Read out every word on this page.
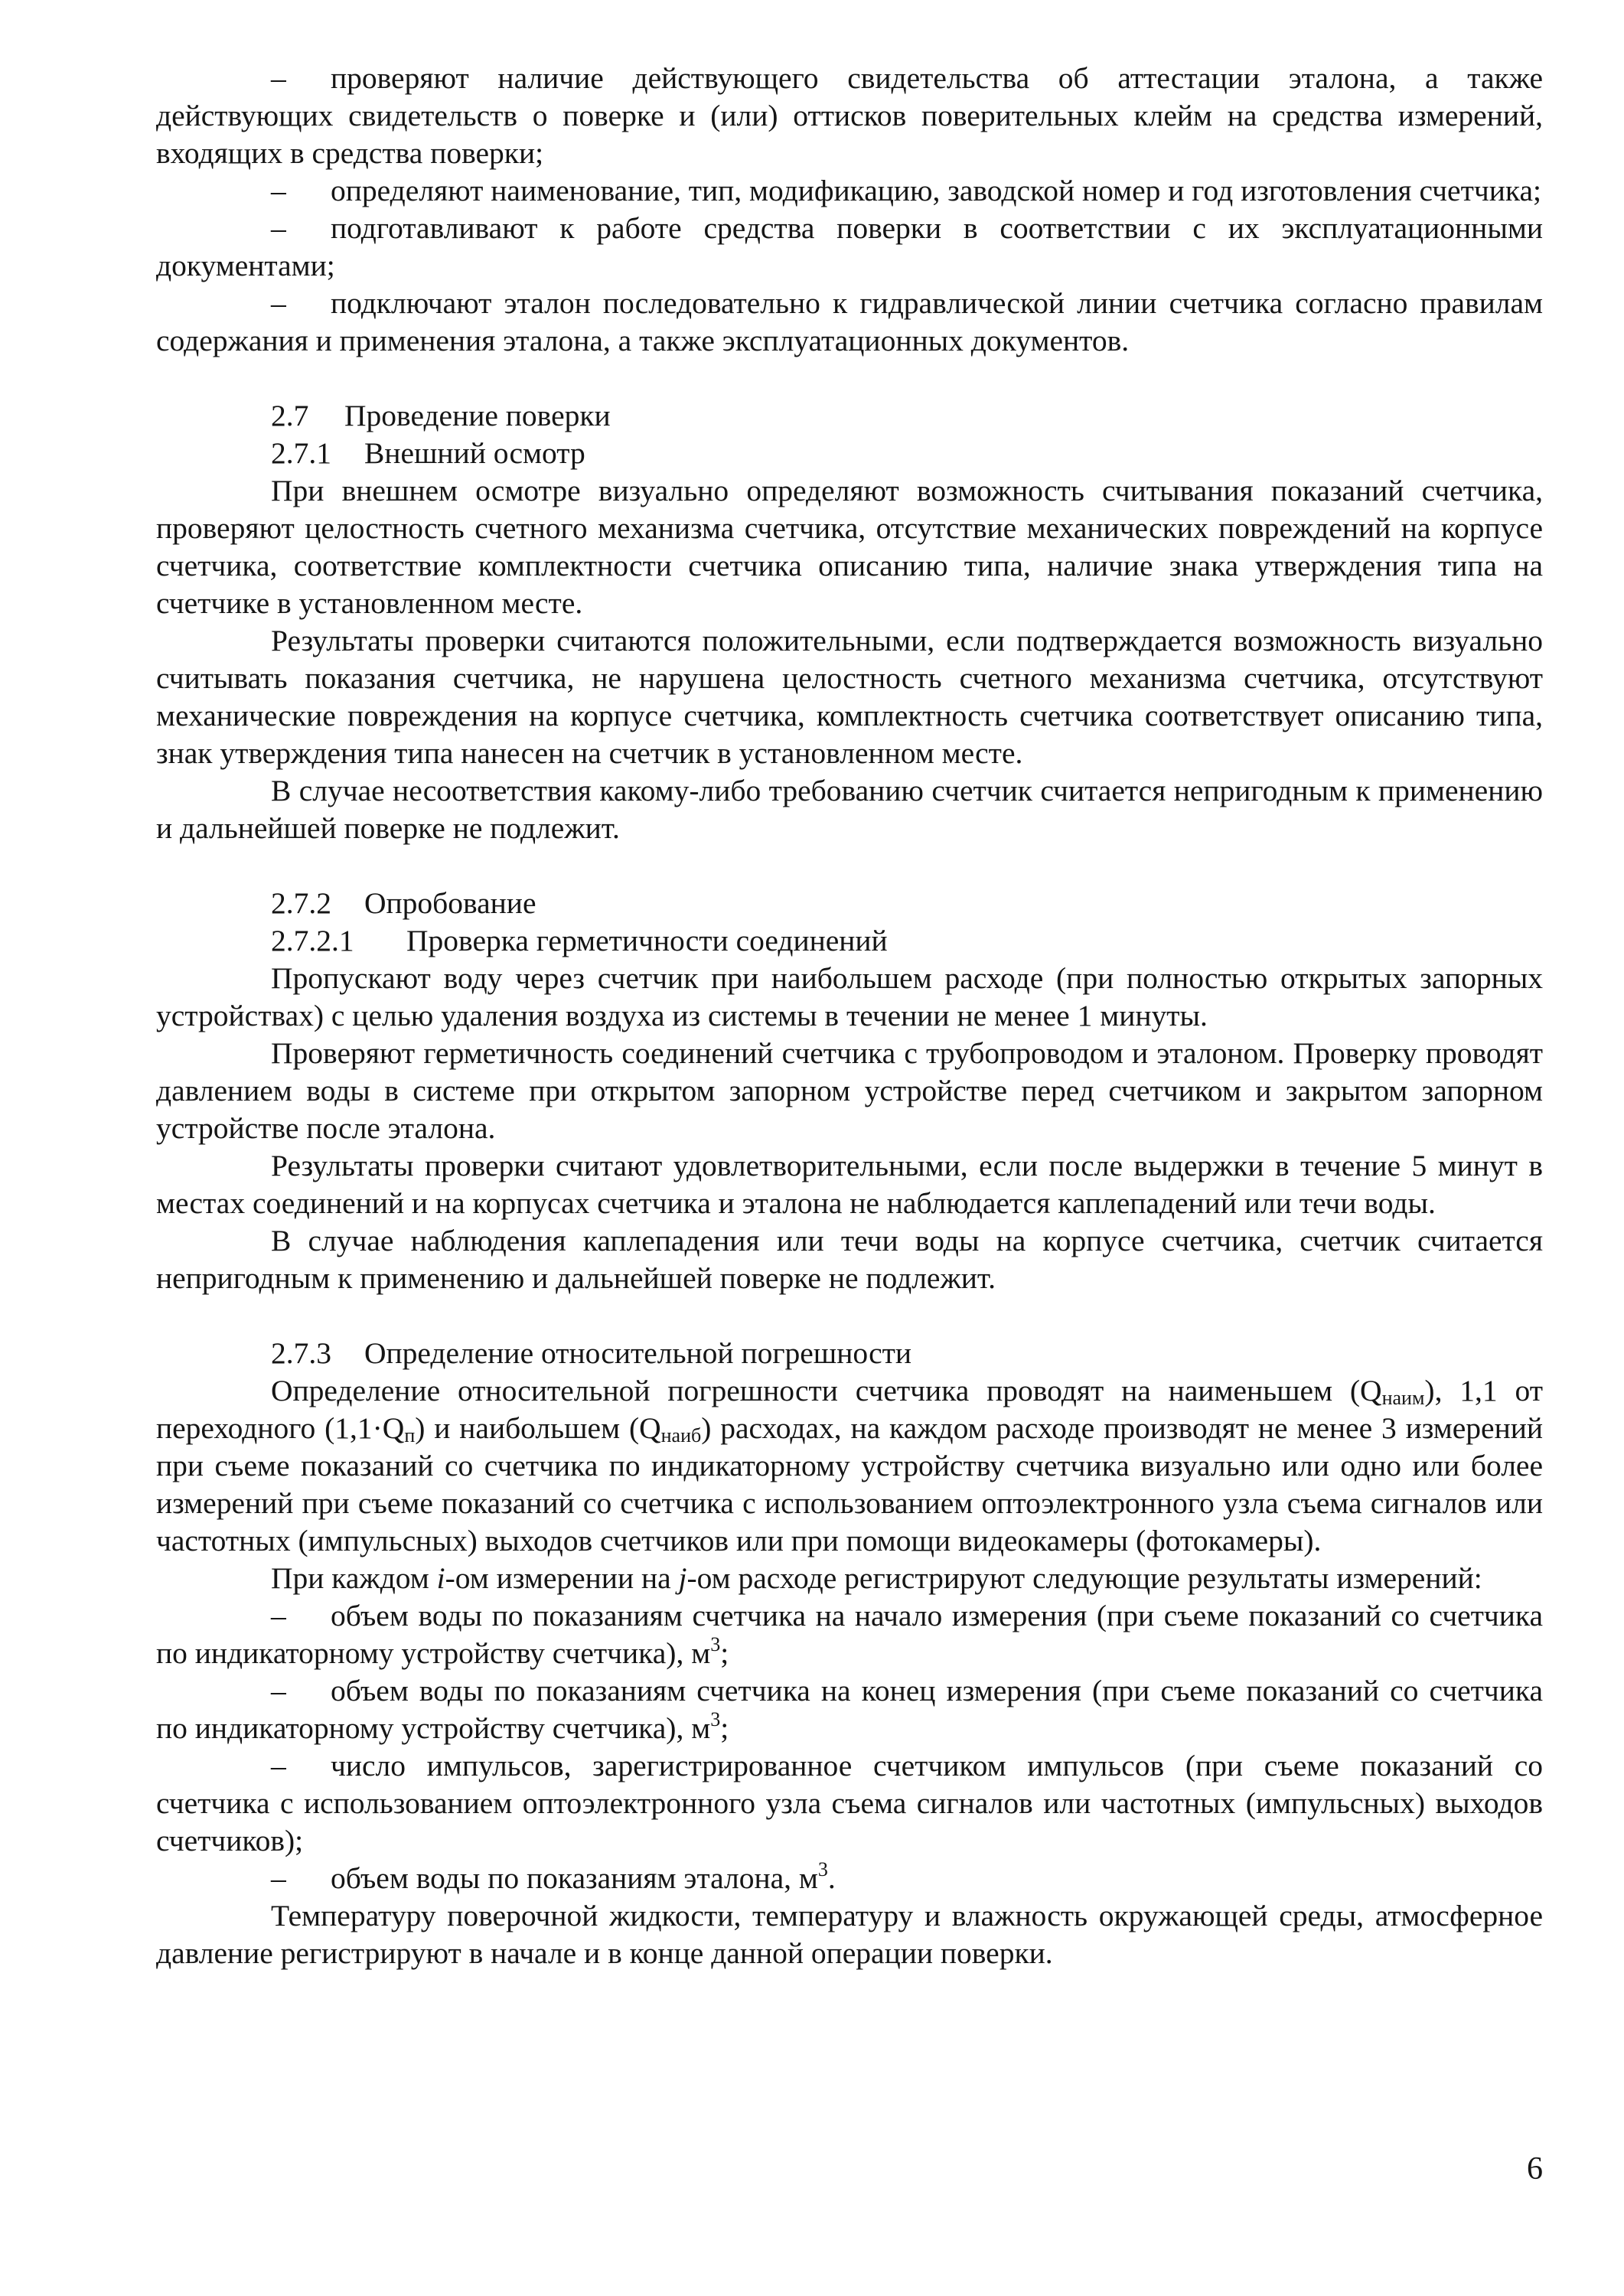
– проверяют наличие действующего свидетельства об аттестации эталона, а также действующих свидетельств о поверке и (или) оттисков поверительных клейм на средства измерений, входящих в средства поверки;

– определяют наименование, тип, модификацию, заводской номер и год изготовления счетчика;

– подготавливают к работе средства поверки в соответствии с их эксплуатационными документами;

– подключают эталон последовательно к гидравлической линии счетчика согласно правилам содержания и применения эталона, а также эксплуатационных документов.

2.7 Проведение поверки

2.7.1 Внешний осмотр

При внешнем осмотре визуально определяют возможность считывания показаний счетчика, проверяют целостность счетного механизма счетчика, отсутствие механических повреждений на корпусе счетчика, соответствие комплектности счетчика описанию типа, наличие знака утверждения типа на счетчике в установленном месте.

Результаты проверки считаются положительными, если подтверждается возможность визуально считывать показания счетчика, не нарушена целостность счетного механизма счетчика, отсутствуют механические повреждения на корпусе счетчика, комплектность счетчика соответствует описанию типа, знак утверждения типа нанесен на счетчик в установленном месте.

В случае несоответствия какому-либо требованию счетчик считается непригодным к применению и дальнейшей поверке не подлежит.

2.7.2 Опробование

2.7.2.1 Проверка герметичности соединений

Пропускают воду через счетчик при наибольшем расходе (при полностью открытых запорных устройствах) с целью удаления воздуха из системы в течении не менее 1 минуты.

Проверяют герметичность соединений счетчика с трубопроводом и эталоном. Проверку проводят давлением воды в системе при открытом запорном устройстве перед счетчиком и закрытом запорном устройстве после эталона.

Результаты проверки считают удовлетворительными, если после выдержки в течение 5 минут в местах соединений и на корпусах счетчика и эталона не наблюдается каплепадений или течи воды.

В случае наблюдения каплепадения или течи воды на корпусе счетчика, счетчик считается непригодным к применению и дальнейшей поверке не подлежит.

2.7.3 Определение относительной погрешности

Определение относительной погрешности счетчика проводят на наименьшем $(Q_{наим})$, 1,1 от переходного $(1,1\cdot Q_п)$ и наибольшем $(Q_{наиб})$ расходах, на каждом расходе производят не менее 3 измерений при съеме показаний со счетчика по индикаторному устройству счетчика визуально или одно или более измерений при съеме показаний со счетчика с использованием оптоэлектронного узла съема сигналов или частотных (импульсных) выходов счетчиков или при помощи видеокамеры (фотокамеры).

При каждом i-ом измерении на j-ом расходе регистрируют следующие результаты измерений:

– объем воды по показаниям счетчика на начало измерения (при съеме показаний со счетчика по индикаторному устройству счетчика), $м^3$;

– объем воды по показаниям счетчика на конец измерения (при съеме показаний со счетчика по индикаторному устройству счетчика), $м^3$;

– число импульсов, зарегистрированное счетчиком импульсов (при съеме показаний со счетчика с использованием оптоэлектронного узла съема сигналов или частотных (импульсных) выходов счетчиков);

– объем воды по показаниям эталона, $м^3$.

Температуру поверочной жидкости, температуру и влажность окружающей среды, атмосферное давление регистрируют в начале и в конце данной операции поверки.

6
